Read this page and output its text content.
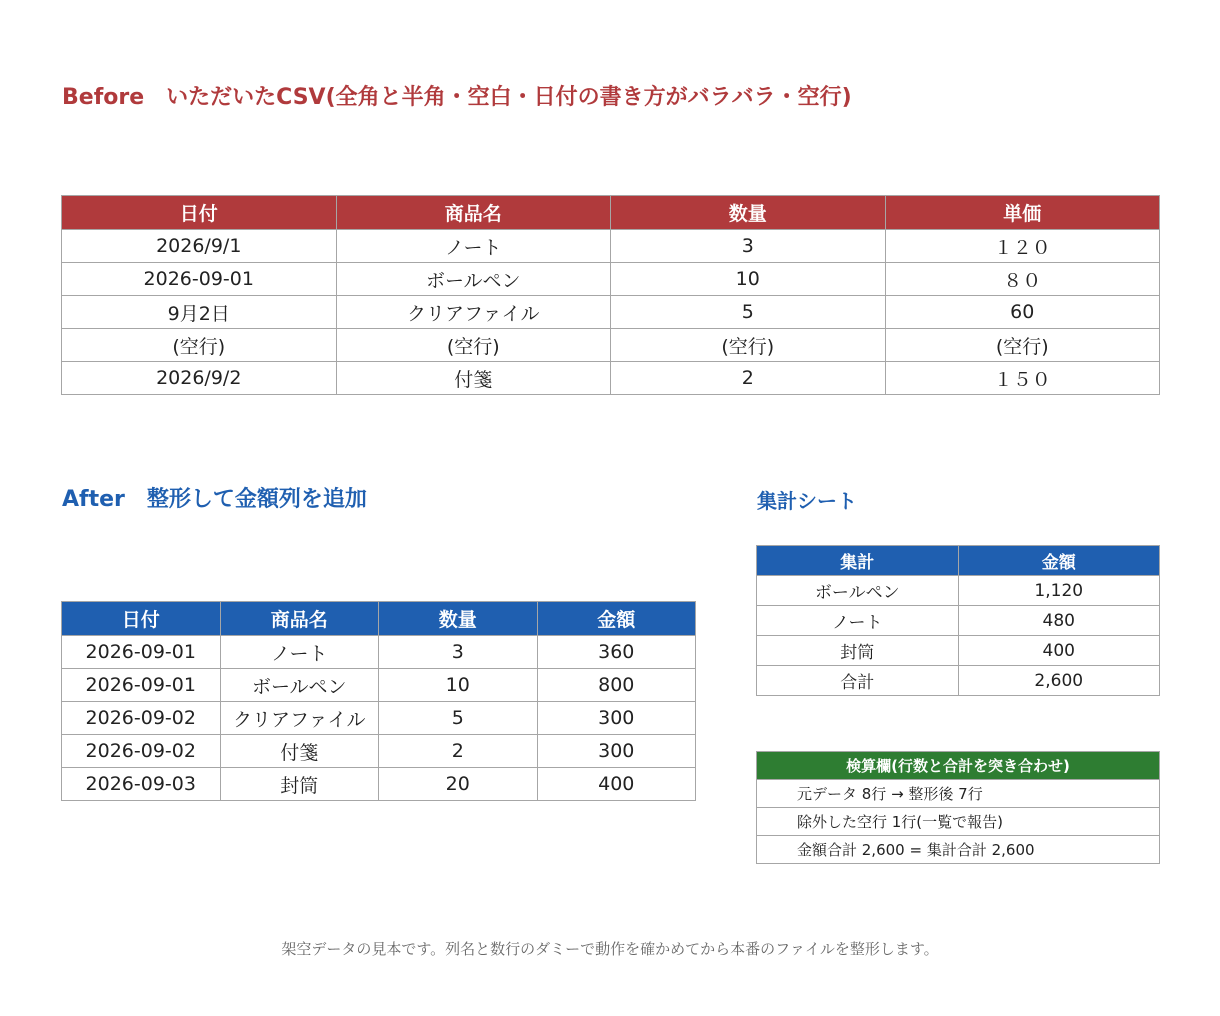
Before　いただいたCSV(全角と半角・空白・日付の書き方がバラバラ・空行)
日付	商品名	数量	単価
2026/9/1	ノート	3	１２０
2026-09-01	ボールペン	10	８０
9月2日	クリアファイル	5	60
(空行)	(空行)	(空行)	(空行)
2026/9/2	付箋	2	１５０
After　整形して金額列を追加
日付	商品名	数量	金額
2026-09-01	ノート	3	360
2026-09-01	ボールペン	10	800
2026-09-02	クリアファイル	5	300
2026-09-02	付箋	2	300
2026-09-03	封筒	20	400
集計シート
集計	金額
ボールペン	1,120
ノート	480
封筒	400
合計	2,600
検算欄(行数と合計を突き合わせ)
元データ 8行 → 整形後 7行
除外した空行 1行(一覧で報告)
金額合計 2,600 = 集計合計 2,600

架空データの見本です。列名と数行のダミーで動作を確かめてから本番のファイルを整形します。
